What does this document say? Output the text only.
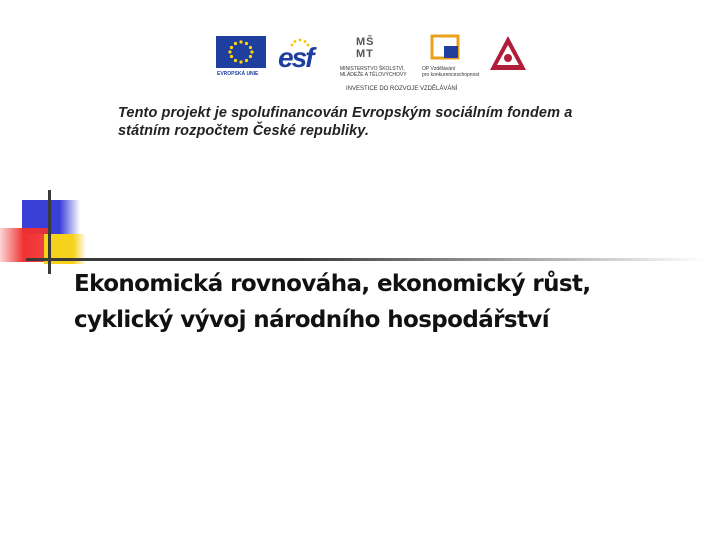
EVROPSKÁ UNIE
esf	MŠ MT
MINISTERSTVO ŠKOLSTVÍ,
MLÁDEŽE A TĚLOVÝCHOVY
OP Vzdělávání
pro konkurenceschopnost
INVESTICE DO ROZVOJE VZDĚLÁVÁNÍ
Tento projekt je spolufinancován Evropským sociálním fondem a
státním rozpočtem České republiky.
Ekonomická rovnováha, ekonomický růst,
cyklický vývoj národního hospodářství
